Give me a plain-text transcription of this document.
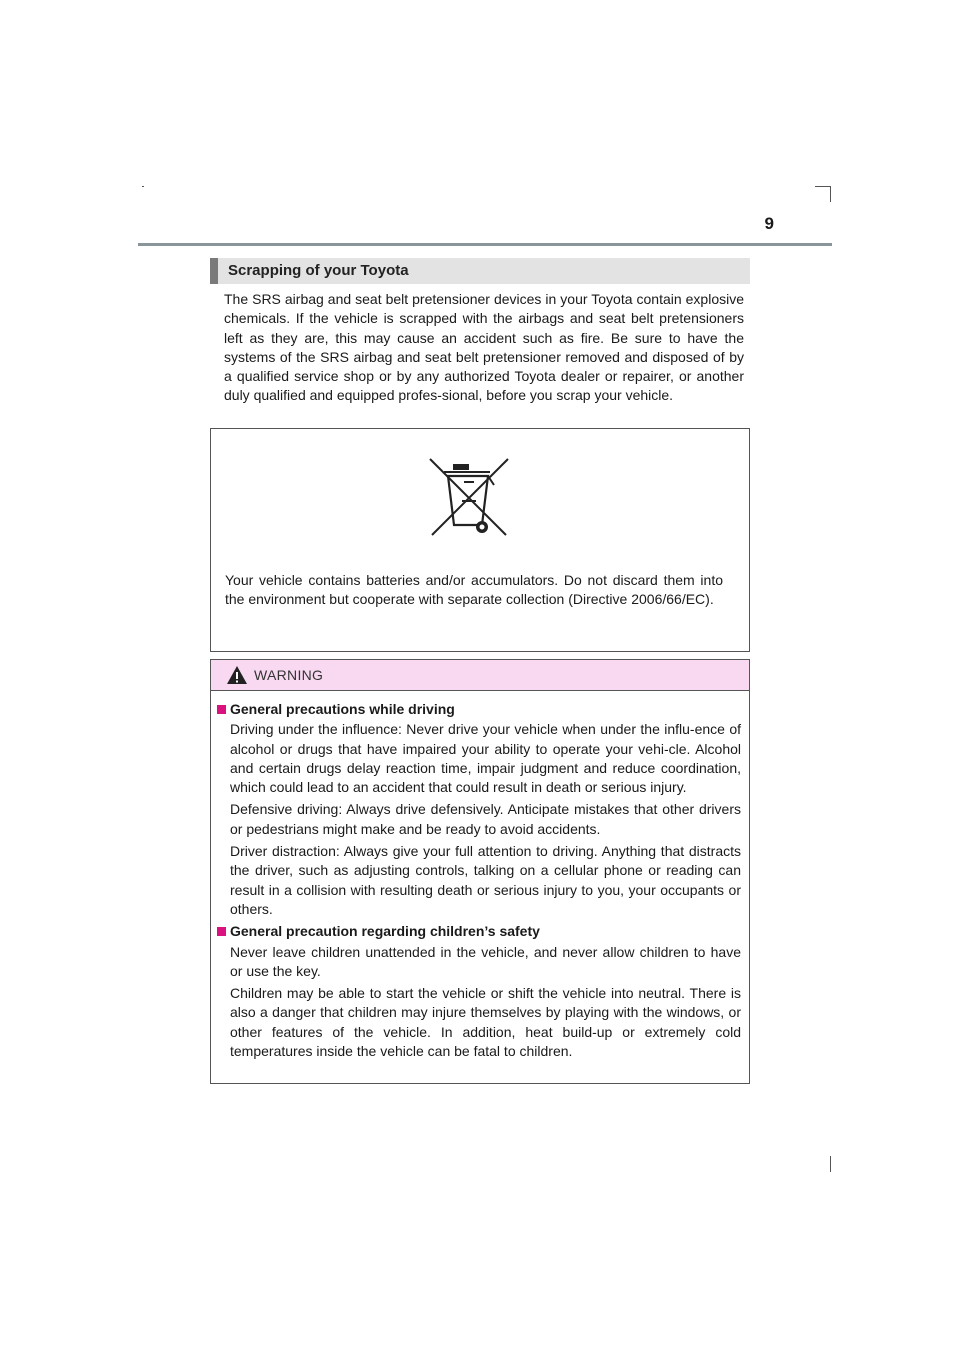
9
Scrapping of your Toyota

The SRS airbag and seat belt pretensioner devices in your Toyota contain explosive chemicals. If the vehicle is scrapped with the airbags and seat belt pretensioners left as they are, this may cause an accident such as fire. Be sure to have the systems of the SRS airbag and seat belt pretensioner removed and disposed of by a qualified service shop or by any authorized Toyota dealer or repairer, or another duly qualified and equipped profes-sional, before you scrap your vehicle.

Your vehicle contains batteries and/or accumulators. Do not discard them into the environment but cooperate with separate collection (Directive 2006/66/EC).

WARNING
General precautions while driving

Driving under the influence: Never drive your vehicle when under the influ-ence of alcohol or drugs that have impaired your ability to operate your vehi-cle. Alcohol and certain drugs delay reaction time, impair judgment and reduce coordination, which could lead to an accident that could result in death or serious injury.

Defensive driving: Always drive defensively. Anticipate mistakes that other drivers or pedestrians might make and be ready to avoid accidents.

Driver distraction: Always give your full attention to driving. Anything that distracts the driver, such as adjusting controls, talking on a cellular phone or reading can result in a collision with resulting death or serious injury to you, your occupants or others.

General precaution regarding children’s safety

Never leave children unattended in the vehicle, and never allow children to have or use the key.

Children may be able to start the vehicle or shift the vehicle into neutral. There is also a danger that children may injure themselves by playing with the windows, or other features of the vehicle. In addition, heat build-up or extremely cold temperatures inside the vehicle can be fatal to children.
